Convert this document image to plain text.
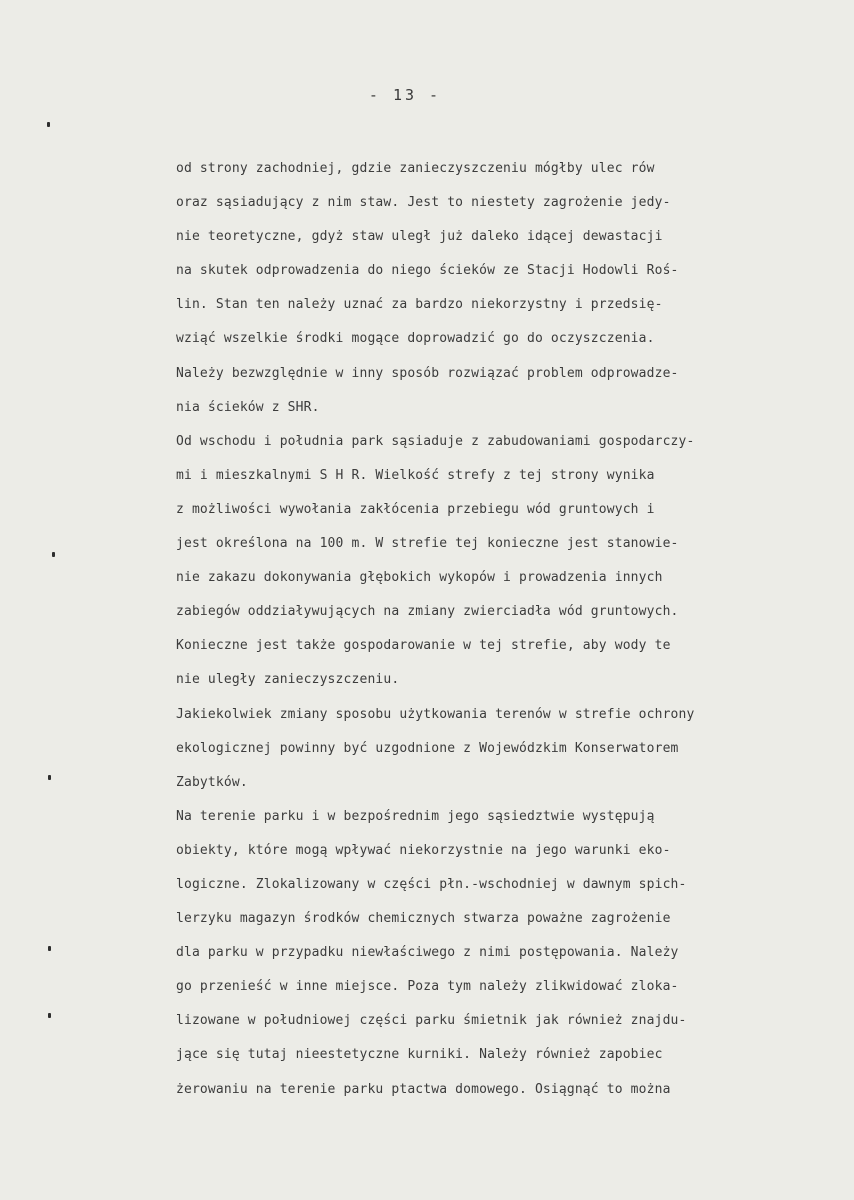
- 13 -
od strony zachodniej, gdzie zanieczyszczeniu mógłby ulec rów
oraz sąsiadujący z nim staw. Jest to niestety zagrożenie jedy-
nie teoretyczne, gdyż staw uległ już daleko idącej dewastacji
na skutek odprowadzenia do niego ścieków ze Stacji Hodowli Roś-
lin. Stan ten należy uznać za bardzo niekorzystny i przedsię-
wziąć wszelkie środki mogące doprowadzić go do oczyszczenia.
Należy bezwzględnie w inny sposób rozwiązać problem odprowadze-
nia ścieków z SHR.
Od wschodu i południa park sąsiaduje z zabudowaniami gospodarczy-
mi i mieszkalnymi S H R. Wielkość strefy z tej strony wynika
z możliwości wywołania zakłócenia przebiegu wód gruntowych i
jest określona na 100 m. W strefie tej konieczne jest stanowie-
nie zakazu dokonywania głębokich wykopów i prowadzenia innych
zabiegów oddziaływujących na zmiany zwierciadła wód gruntowych.
Konieczne jest także gospodarowanie w tej strefie, aby wody te
nie uległy zanieczyszczeniu.
Jakiekolwiek zmiany sposobu użytkowania terenów w strefie ochrony
ekologicznej powinny być uzgodnione z Wojewódzkim Konserwatorem
Zabytków.
Na terenie parku i w bezpośrednim jego sąsiedztwie występują
obiekty, które mogą wpływać niekorzystnie na jego warunki eko-
logiczne. Zlokalizowany w części płn.-wschodniej w dawnym spich-
lerzyku magazyn środków chemicznych stwarza poważne zagrożenie
dla parku w przypadku niewłaściwego z nimi postępowania. Należy
go przenieść w inne miejsce. Poza tym należy zlikwidować zloka-
lizowane w południowej części parku śmietnik jak również znajdu-
jące się tutaj nieestetyczne kurniki. Należy również zapobiec
żerowaniu na terenie parku ptactwa domowego. Osiągnąć to można
